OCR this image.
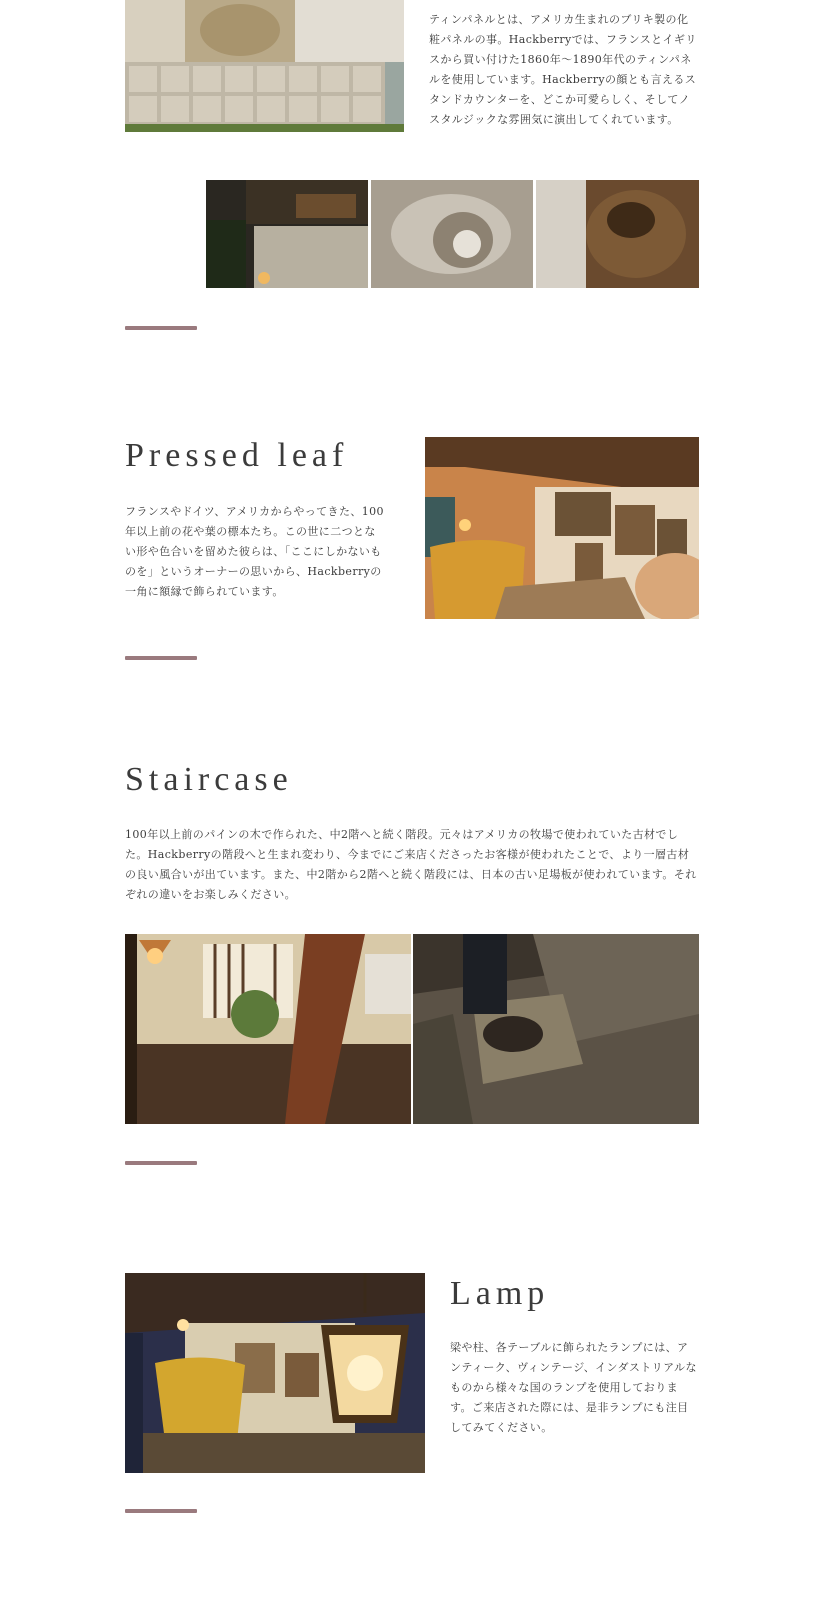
ティンパネルとは、アメリカ生まれのブリキ製の化粧パネルの事。Hackberryでは、フランスとイギリスから買い付けた1860年～1890年代のティンパネルを使用しています。Hackberryの顔とも言えるスタンドカウンターを、どこか可愛らしく、そしてノスタルジックな雰囲気に演出してくれています。

Pressed leaf

フランスやドイツ、アメリカからやってきた、100年以上前の花や葉の標本たち。この世に二つとない形や色合いを留めた彼らは、「ここにしかないものを」というオーナーの思いから、Hackberryの一角に額縁で飾られています。

Staircase

100年以上前のパインの木で作られた、中2階へと続く階段。元々はアメリカの牧場で使われていた古材でした。Hackberryの階段へと生まれ変わり、今までにご来店くださったお客様が使われたことで、より一層古材の良い風合いが出ています。また、中2階から2階へと続く階段には、日本の古い足場板が使われています。それぞれの違いをお楽しみください。

Lamp

梁や柱、各テーブルに飾られたランプには、アンティーク、ヴィンテージ、インダストリアルなものから様々な国のランプを使用しております。ご来店された際には、是非ランプにも注目してみてください。
